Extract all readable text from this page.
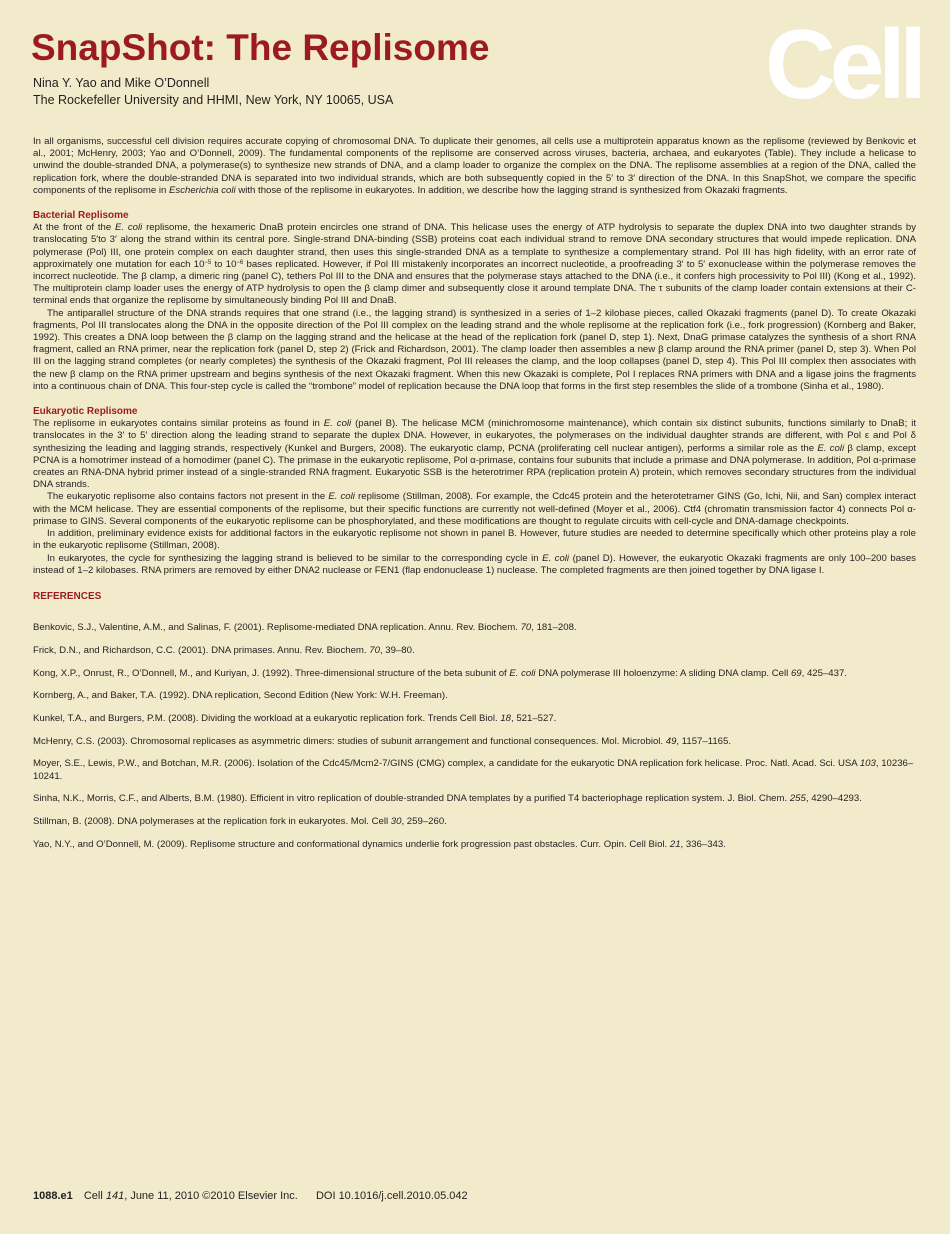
SnapShot: The Replisome	Cell
Nina Y. Yao and Mike O’Donnell
The Rockefeller University and HHMI, New York, NY 10065, USA

In all organisms, successful cell division requires accurate copying of chromosomal DNA. To duplicate their genomes, all cells use a multiprotein apparatus known as the replisome (reviewed by Benkovic et al., 2001; McHenry, 2003; Yao and O’Donnell, 2009). The fundamental components of the replisome are conserved across viruses, bacteria, archaea, and eukaryotes (Table). They include a helicase to unwind the double-stranded DNA, a polymerase(s) to synthesize new strands of DNA, and a clamp loader to organize the complex on the DNA. The replisome assemblies at a region of the DNA, called the replication fork, where the double-stranded DNA is separated into two individual strands, which are both subsequently copied in the 5′ to 3′ direction of the DNA. In this SnapShot, we compare the specific components of the replisome in Escherichia coli with those of the replisome in eukaryotes. In addition, we describe how the lagging strand is synthesized from Okazaki fragments.

Bacterial Replisome

At the front of the E. coli replisome, the hexameric DnaB protein encircles one strand of DNA. This helicase uses the energy of ATP hydrolysis to separate the duplex DNA into two daughter strands by translocating 5′to 3′ along the strand within its central pore. Single-strand DNA-binding (SSB) proteins coat each individual strand to remove DNA secondary structures that would impede replication. DNA polymerase (Pol) III, one protein complex on each daughter strand, then uses this single-stranded DNA as a template to synthesize a complementary strand. Pol III has high fidelity, with an error rate of approximately one mutation for each $10^{-5}$ to $10^{-6}$ bases replicated. However, if Pol III mistakenly incorporates an incorrect nucleotide, a proofreading 3′ to 5′ exonuclease within the polymerase removes the incorrect nucleotide. The β clamp, a dimeric ring (panel C), tethers Pol III to the DNA and ensures that the polymerase stays attached to the DNA (i.e., it confers high processivity to Pol III) (Kong et al., 1992). The multiprotein clamp loader uses the energy of ATP hydrolysis to open the β clamp dimer and subsequently close it around template DNA. The τ subunits of the clamp loader contain extensions at their C-terminal ends that organize the replisome by simultaneously binding Pol III and DnaB.

The antiparallel structure of the DNA strands requires that one strand (i.e., the lagging strand) is synthesized in a series of 1–2 kilobase pieces, called Okazaki fragments (panel D). To create Okazaki fragments, Pol III translocates along the DNA in the opposite direction of the Pol III complex on the leading strand and the whole replisome at the replication fork (i.e., fork progression) (Kornberg and Baker, 1992). This creates a DNA loop between the β clamp on the lagging strand and the helicase at the head of the replication fork (panel D, step 1). Next, DnaG primase catalyzes the synthesis of a short RNA fragment, called an RNA primer, near the replication fork (panel D, step 2) (Frick and Richardson, 2001). The clamp loader then assembles a new β clamp around the RNA primer (panel D, step 3). When Pol III on the lagging strand completes (or nearly completes) the synthesis of the Okazaki fragment, Pol III releases the clamp, and the loop collapses (panel D, step 4). This Pol III complex then associates with the new β clamp on the RNA primer upstream and begins synthesis of the next Okazaki fragment. When this new Okazaki is complete, Pol I replaces RNA primers with DNA and a ligase joins the fragments into a continuous chain of DNA. This four-step cycle is called the “trombone” model of replication because the DNA loop that forms in the first step resembles the slide of a trombone (Sinha et al., 1980).

Eukaryotic Replisome

The replisome in eukaryotes contains similar proteins as found in E. coli (panel B). The helicase MCM (minichromosome maintenance), which contain six distinct subunits, functions similarly to DnaB; it translocates in the 3′ to 5′ direction along the leading strand to separate the duplex DNA. However, in eukaryotes, the polymerases on the individual daughter strands are different, with Pol ε and Pol δ synthesizing the leading and lagging strands, respectively (Kunkel and Burgers, 2008). The eukaryotic clamp, PCNA (proliferating cell nuclear antigen), performs a similar role as the E. coli β clamp, except PCNA is a homotrimer instead of a homodimer (panel C). The primase in the eukaryotic replisome, Pol α-primase, contains four subunits that include a primase and DNA polymerase. In addition, Pol α-primase creates an RNA-DNA hybrid primer instead of a single-stranded RNA fragment. Eukaryotic SSB is the heterotrimer RPA (replication protein A) protein, which removes secondary structures from the individual DNA strands.

The eukaryotic replisome also contains factors not present in the E. coli replisome (Stillman, 2008). For example, the Cdc45 protein and the heterotetramer GINS (Go, Ichi, Nii, and San) complex interact with the MCM helicase. They are essential components of the replisome, but their specific functions are currently not well-defined (Moyer et al., 2006). Ctf4 (chromatin transmission factor 4) connects Pol α-primase to GINS. Several components of the eukaryotic replisome can be phosphorylated, and these modifications are thought to regulate circuits with cell-cycle and DNA-damage checkpoints.

In addition, preliminary evidence exists for additional factors in the eukaryotic replisome not shown in panel B. However, future studies are needed to determine specifically which other proteins play a role in the eukaryotic replisome (Stillman, 2008).

In eukaryotes, the cycle for synthesizing the lagging strand is believed to be similar to the corresponding cycle in E. coli (panel D). However, the eukaryotic Okazaki fragments are only 100–200 bases instead of 1–2 kilobases. RNA primers are removed by either DNA2 nuclease or FEN1 (flap endonuclease 1) nuclease. The completed fragments are then joined together by DNA ligase I.

REFERENCES
Benkovic, S.J., Valentine, A.M., and Salinas, F. (2001). Replisome-mediated DNA replication. Annu. Rev. Biochem. 70, 181–208.
Frick, D.N., and Richardson, C.C. (2001). DNA primases. Annu. Rev. Biochem. 70, 39–80.
Kong, X.P., Onrust, R., O’Donnell, M., and Kuriyan, J. (1992). Three-dimensional structure of the beta subunit of E. coli DNA polymerase III holoenzyme: A sliding DNA clamp. Cell 69, 425–437.
Kornberg, A., and Baker, T.A. (1992). DNA replication, Second Edition (New York: W.H. Freeman).
Kunkel, T.A., and Burgers, P.M. (2008). Dividing the workload at a eukaryotic replication fork. Trends Cell Biol. 18, 521–527.
McHenry, C.S. (2003). Chromosomal replicases as asymmetric dimers: studies of subunit arrangement and functional consequences. Mol. Microbiol. 49, 1157–1165.
Moyer, S.E., Lewis, P.W., and Botchan, M.R. (2006). Isolation of the Cdc45/Mcm2-7/GINS (CMG) complex, a candidate for the eukaryotic DNA replication fork helicase. Proc. Natl. Acad. Sci. USA 103, 10236–10241.
Sinha, N.K., Morris, C.F., and Alberts, B.M. (1980). Efficient in vitro replication of double-stranded DNA templates by a purified T4 bacteriophage replication system. J. Biol. Chem. 255, 4290–4293.
Stillman, B. (2008). DNA polymerases at the replication fork in eukaryotes. Mol. Cell 30, 259–260.
Yao, N.Y., and O’Donnell, M. (2009). Replisome structure and conformational dynamics underlie fork progression past obstacles. Curr. Opin. Cell Biol. 21, 336–343.
1088.e1 Cell 141, June 11, 2010 ©2010 Elsevier Inc. DOI 10.1016/j.cell.2010.05.042
